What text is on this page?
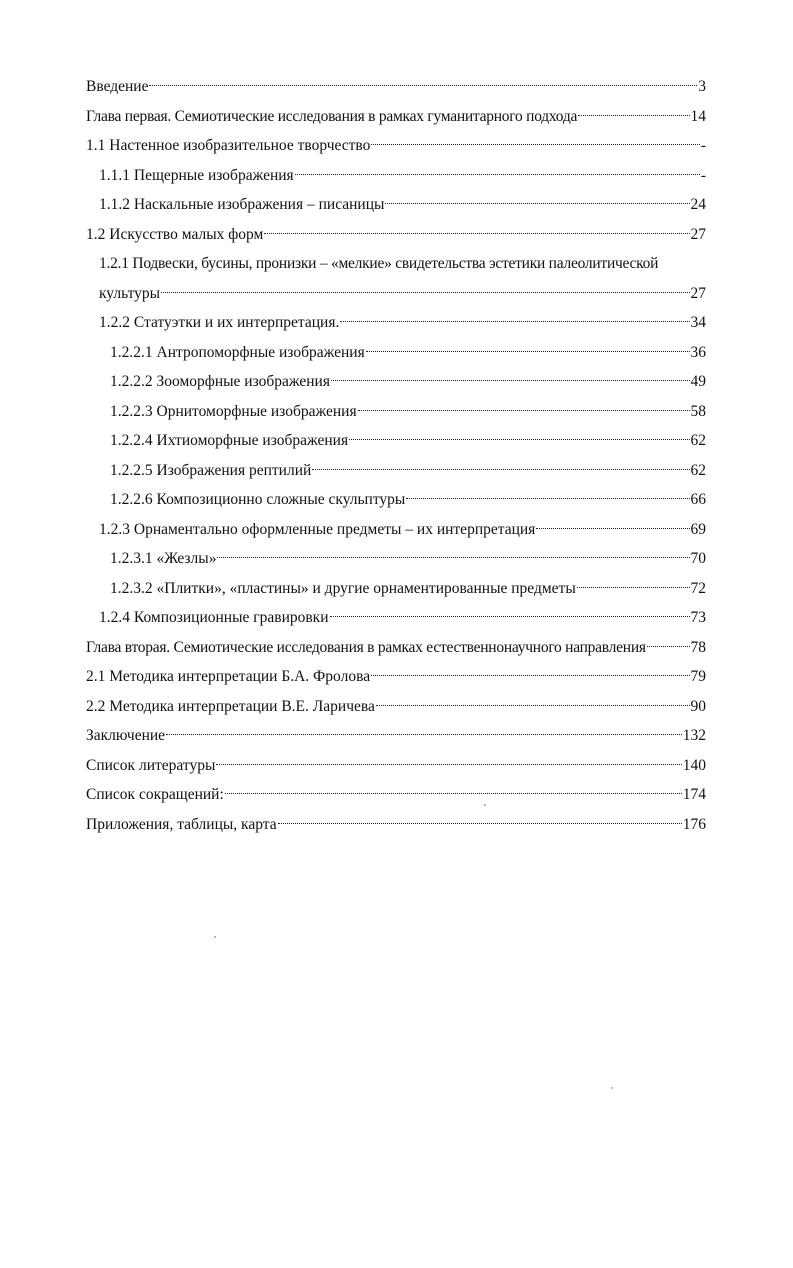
Введение	3
Глава первая. Семиотические исследования в рамках гуманитарного подхода	14
1.1 Настенное изобразительное творчество	-
1.1.1 Пещерные изображения	-
1.1.2 Наскальные изображения – писаницы	24
1.2 Искусство малых форм	27
1.2.1 Подвески, бусины, пронизки – «мелкие» свидетельства эстетики палеолитической
культуры	27
1.2.2 Статуэтки и их интерпретация.	34
1.2.2.1 Антропоморфные изображения	36
1.2.2.2 Зооморфные изображения	49
1.2.2.3 Орнитоморфные изображения	58
1.2.2.4 Ихтиоморфные изображения	62
1.2.2.5 Изображения рептилий	62
1.2.2.6 Композиционно сложные скульптуры	66
1.2.3 Орнаментально оформленные предметы – их интерпретация	69
1.2.3.1 «Жезлы»	70
1.2.3.2 «Плитки», «пластины» и другие орнаментированные предметы	72
1.2.4 Композиционные гравировки	73
Глава вторая. Семиотические исследования в рамках естественнонаучного направления	78
2.1 Методика интерпретации Б.А. Фролова	79
2.2 Методика интерпретации В.Е. Ларичева	90
Заключение	132
Список литературы	140
Список сокращений:	174
Приложения, таблицы, карта	176
